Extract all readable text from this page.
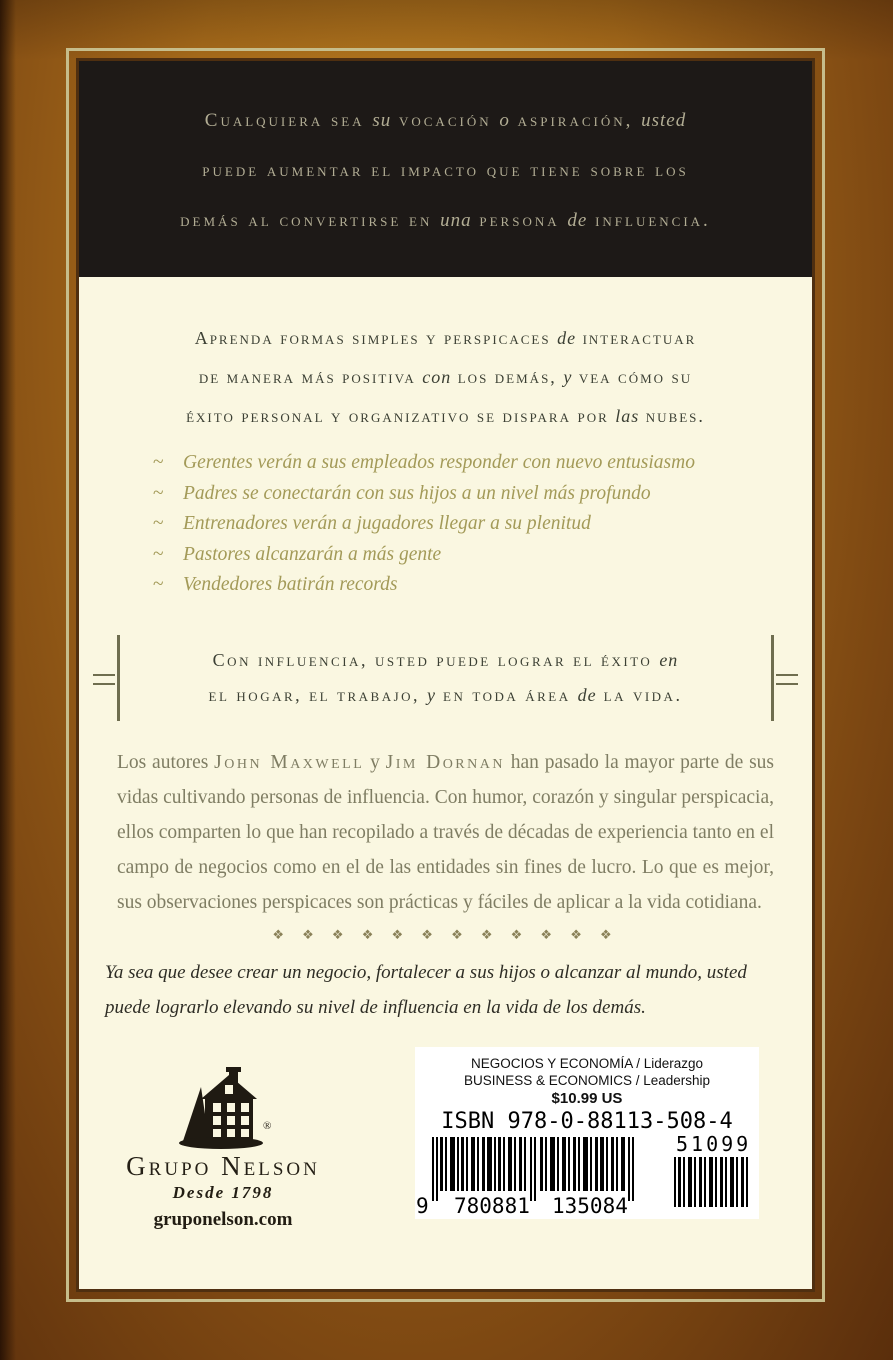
Cualquiera sea su vocación o aspiración, usted
puede aumentar el impacto que tiene sobre los
demás al convertirse en una persona de influencia.
Aprenda formas simples y perspicaces de interactuar
de manera más positiva con los demás, y vea cómo su
éxito personal y organizativo se dispara por las nubes.
~ Gerentes verán a sus empleados responder con nuevo entusiasmo
~ Padres se conectarán con sus hijos a un nivel más profundo
~ Entrenadores verán a jugadores llegar a su plenitud
~ Pastores alcanzarán a más gente
~ Vendedores batirán records
Con influencia, usted puede lograr el éxito en
el hogar, el trabajo, y en toda área de la vida.
Los autores John Maxwell y Jim Dornan han pasado la mayor parte de sus vidas cultivando personas de influencia. Con humor, corazón y singular perspicacia, ellos comparten lo que han recopilado a través de décadas de experiencia tanto en el campo de negocios como en el de las entidades sin fines de lucro. Lo que es mejor, sus observaciones perspicaces son prácticas y fáciles de aplicar a la vida cotidiana.
❖ ❖ ❖ ❖ ❖ ❖ ❖ ❖ ❖ ❖ ❖ ❖
Ya sea que desee crear un negocio, fortalecer a sus hijos o alcanzar al mundo, usted
puede lograrlo elevando su nivel de influencia en la vida de los demás.
®
Grupo Nelson
Desde 1798
gruponelson.com
NEGOCIOS Y ECONOMÍA / Liderazgo
BUSINESS & ECONOMICS / Leadership
$10.99 US
ISBN 978-0-88113-508-4
9 780881 135084
51099
